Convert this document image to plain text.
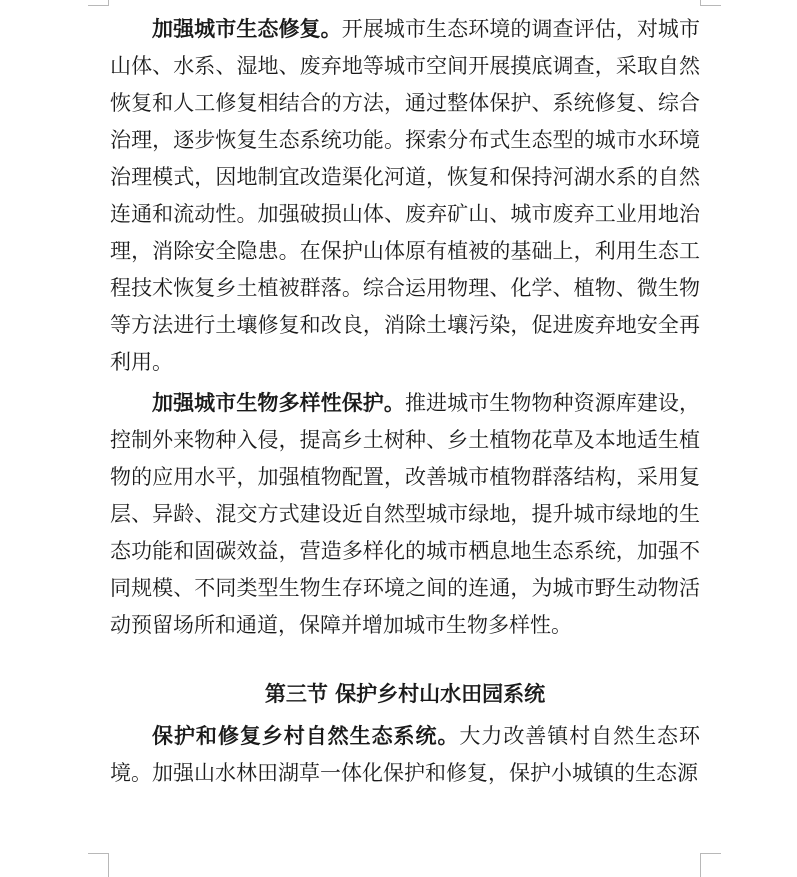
加强城市生态修复。开展城市生态环境的调查评估，对城市山体、水系、湿地、废弃地等城市空间开展摸底调查，采取自然恢复和人工修复相结合的方法，通过整体保护、系统修复、综合治理，逐步恢复生态系统功能。探索分布式生态型的城市水环境治理模式，因地制宜改造渠化河道，恢复和保持河湖水系的自然连通和流动性。加强破损山体、废弃矿山、城市废弃工业用地治理，消除安全隐患。在保护山体原有植被的基础上，利用生态工程技术恢复乡土植被群落。综合运用物理、化学、植物、微生物等方法进行土壤修复和改良，消除土壤污染，促进废弃地安全再利用。

加强城市生物多样性保护。推进城市生物物种资源库建设，控制外来物种入侵，提高乡土树种、乡土植物花草及本地适生植物的应用水平，加强植物配置，改善城市植物群落结构，采用复层、异龄、混交方式建设近自然型城市绿地，提升城市绿地的生态功能和固碳效益，营造多样化的城市栖息地生态系统，加强不同规模、不同类型生物生存环境之间的连通，为城市野生动物活动预留场所和通道，保障并增加城市生物多样性。

第三节 保护乡村山水田园系统

保护和修复乡村自然生态系统。大力改善镇村自然生态环境。加强山水林田湖草一体化保护和修复，保护小城镇的生态源
